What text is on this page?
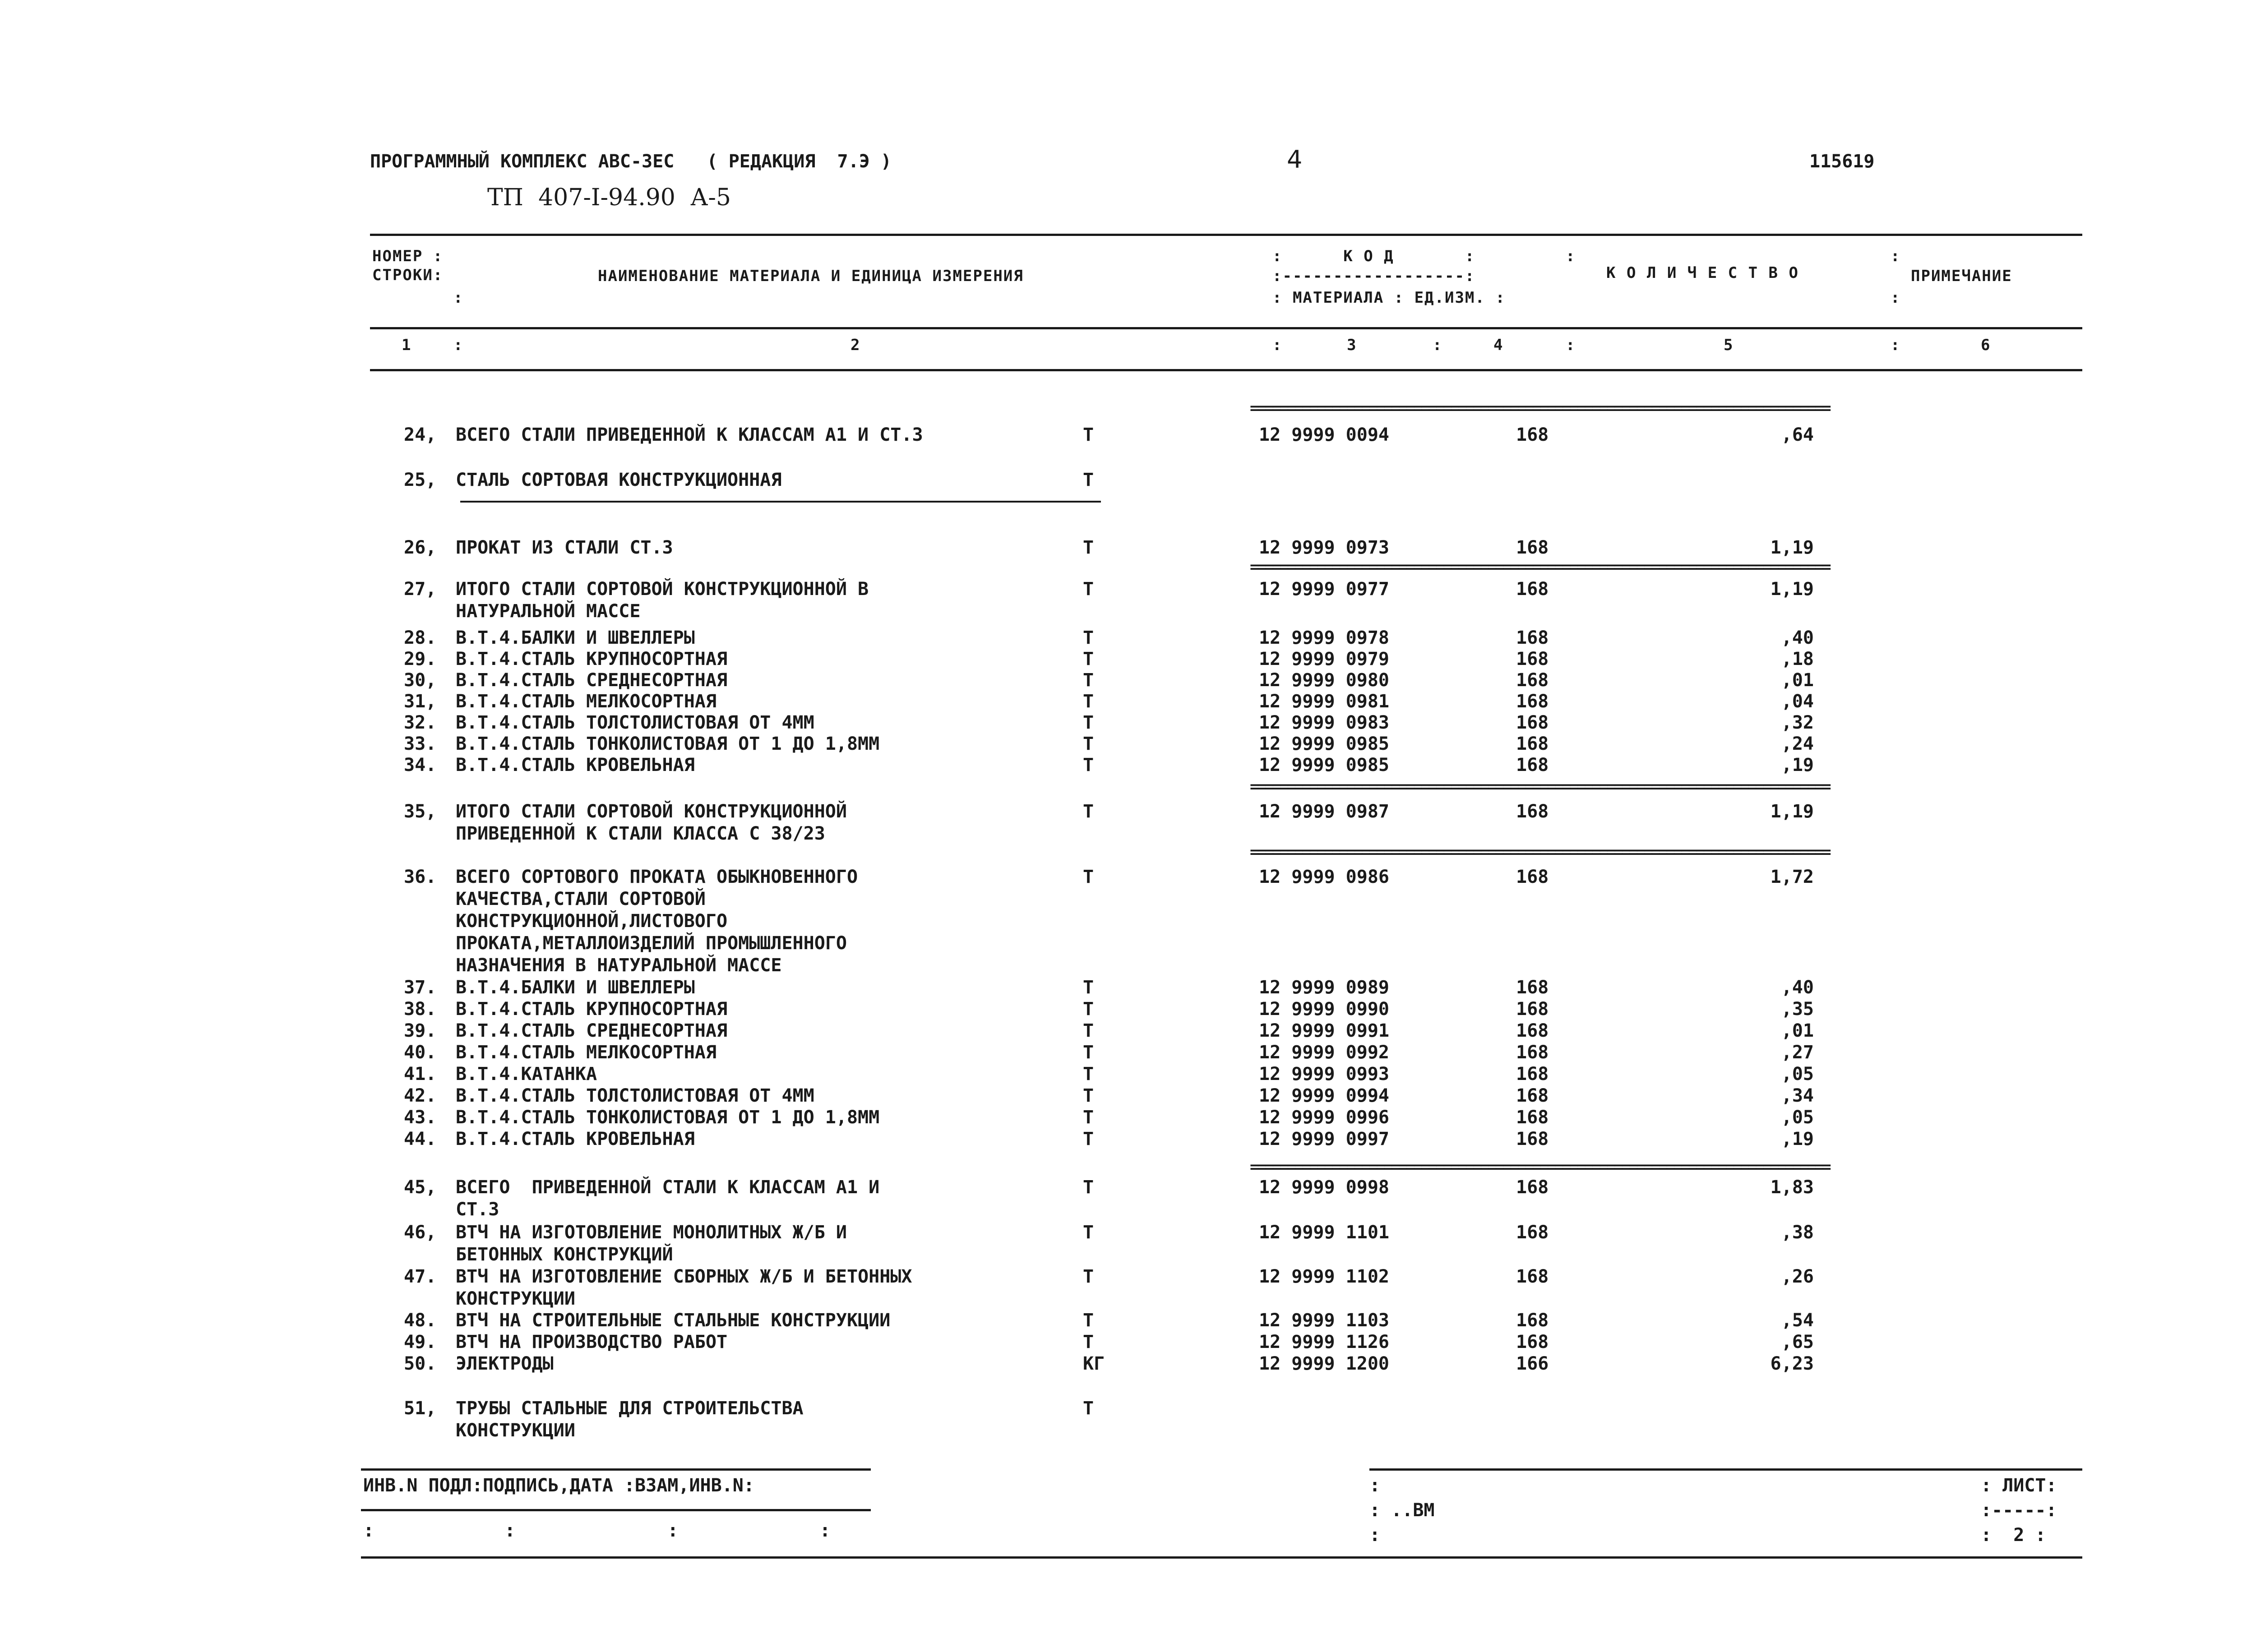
ПРОГРАММНЫЙ КОМПЛЕКС АВС-3ЕС   ( РЕДАКЦИЯ  7.Э )	4	115619
ТП  407-I-94.90  А-5
НОМЕР :
СТРОКИ:
:
НАИМЕНОВАНИЕ МАТЕРИАЛА И ЕДИНИЦА ИЗМЕРЕНИЯ
:      К О Д       :
:------------------:
: МАТЕРИАЛА : ЕД.ИЗМ. :
:
К О Л И Ч Е С Т В О
:
:
ПРИМЕЧАНИЕ
1	:	2	:	3	:	4	:	5	:	6
24, ВСЕГО СТАЛИ ПРИВЕДЕННОЙ К КЛАССАМ А1 И СТ.3	Т	12 9999 0094	168	,64
25, СТАЛЬ СОРТОВАЯ КОНСТРУКЦИОННАЯ	Т
26, ПРОКАТ ИЗ СТАЛИ СТ.3	Т	12 9999 0973	168	1,19
27, ИТОГО СТАЛИ СОРТОВОЙ КОНСТРУКЦИОННОЙ В
НАТУРАЛЬНОЙ МАССЕ
Т	12 9999 0977	168	1,19
28. В.Т.4.БАЛКИ И ШВЕЛЛЕРЫ	Т	12 9999 0978	168	,40
29. В.Т.4.СТАЛЬ КРУПНОСОРТНАЯ	Т	12 9999 0979	168	,18
30, В.Т.4.СТАЛЬ СРЕДНЕСОРТНАЯ	Т	12 9999 0980	168	,01
31, В.Т.4.СТАЛЬ МЕЛКОСОРТНАЯ	Т	12 9999 0981	168	,04
32. В.Т.4.СТАЛЬ ТОЛСТОЛИСТОВАЯ ОТ 4ММ	Т	12 9999 0983	168	,32
33. В.Т.4.СТАЛЬ ТОНКОЛИСТОВАЯ ОТ 1 ДО 1,8ММ	Т	12 9999 0985	168	,24
34. В.Т.4.СТАЛЬ КРОВЕЛЬНАЯ	Т	12 9999 0985	168	,19
35, ИТОГО СТАЛИ СОРТОВОЙ КОНСТРУКЦИОННОЙ
ПРИВЕДЕННОЙ К СТАЛИ КЛАССА С 38/23
Т	12 9999 0987	168	1,19
36. ВСЕГО СОРТОВОГО ПРОКАТА ОБЫКНОВЕННОГО
КАЧЕСТВА,СТАЛИ СОРТОВОЙ
КОНСТРУКЦИОННОЙ,ЛИСТОВОГО
ПРОКАТА,МЕТАЛЛОИЗДЕЛИЙ ПРОМЫШЛЕННОГО
НАЗНАЧЕНИЯ В НАТУРАЛЬНОЙ МАССЕ
Т	12 9999 0986	168	1,72
37. В.Т.4.БАЛКИ И ШВЕЛЛЕРЫ	Т	12 9999 0989	168	,40
38. В.Т.4.СТАЛЬ КРУПНОСОРТНАЯ	Т	12 9999 0990	168	,35
39. В.Т.4.СТАЛЬ СРЕДНЕСОРТНАЯ	Т	12 9999 0991	168	,01
40. В.Т.4.СТАЛЬ МЕЛКОСОРТНАЯ	Т	12 9999 0992	168	,27
41. В.Т.4.КАТАНКА	Т	12 9999 0993	168	,05
42. В.Т.4.СТАЛЬ ТОЛСТОЛИСТОВАЯ ОТ 4ММ	Т	12 9999 0994	168	,34
43. В.Т.4.СТАЛЬ ТОНКОЛИСТОВАЯ ОТ 1 ДО 1,8ММ	Т	12 9999 0996	168	,05
44. В.Т.4.СТАЛЬ КРОВЕЛЬНАЯ	Т	12 9999 0997	168	,19
45, ВСЕГО  ПРИВЕДЕННОЙ СТАЛИ К КЛАССАМ А1 И
СТ.3
Т	12 9999 0998	168	1,83
46, ВТЧ НА ИЗГОТОВЛЕНИЕ МОНОЛИТНЫХ Ж/Б И
БЕТОННЫХ КОНСТРУКЦИЙ
Т	12 9999 1101	168	,38
47. ВТЧ НА ИЗГОТОВЛЕНИЕ СБОРНЫХ Ж/Б И БЕТОННЫХ
КОНСТРУКЦИИ
Т	12 9999 1102	168	,26
48. ВТЧ НА СТРОИТЕЛЬНЫЕ СТАЛЬНЫЕ КОНСТРУКЦИИ	Т	12 9999 1103	168	,54
49. ВТЧ НА ПРОИЗВОДСТВО РАБОТ	Т	12 9999 1126	168	,65
50. ЭЛЕКТРОДЫ	КГ	12 9999 1200	166	6,23
51, ТРУБЫ СТАЛЬНЫЕ ДЛЯ СТРОИТЕЛЬСТВА
КОНСТРУКЦИИ
Т
==============================================================================
==============================================================================
==============================================================================
==============================================================================
==============================================================================
ИНВ.N ПОДЛ:ПОДПИСЬ,ДАТА :ВЗАМ,ИНВ.N:
:            :              :             :
:
: ..ВМ
:
: ЛИСТ:
:-----:
:  2 :
